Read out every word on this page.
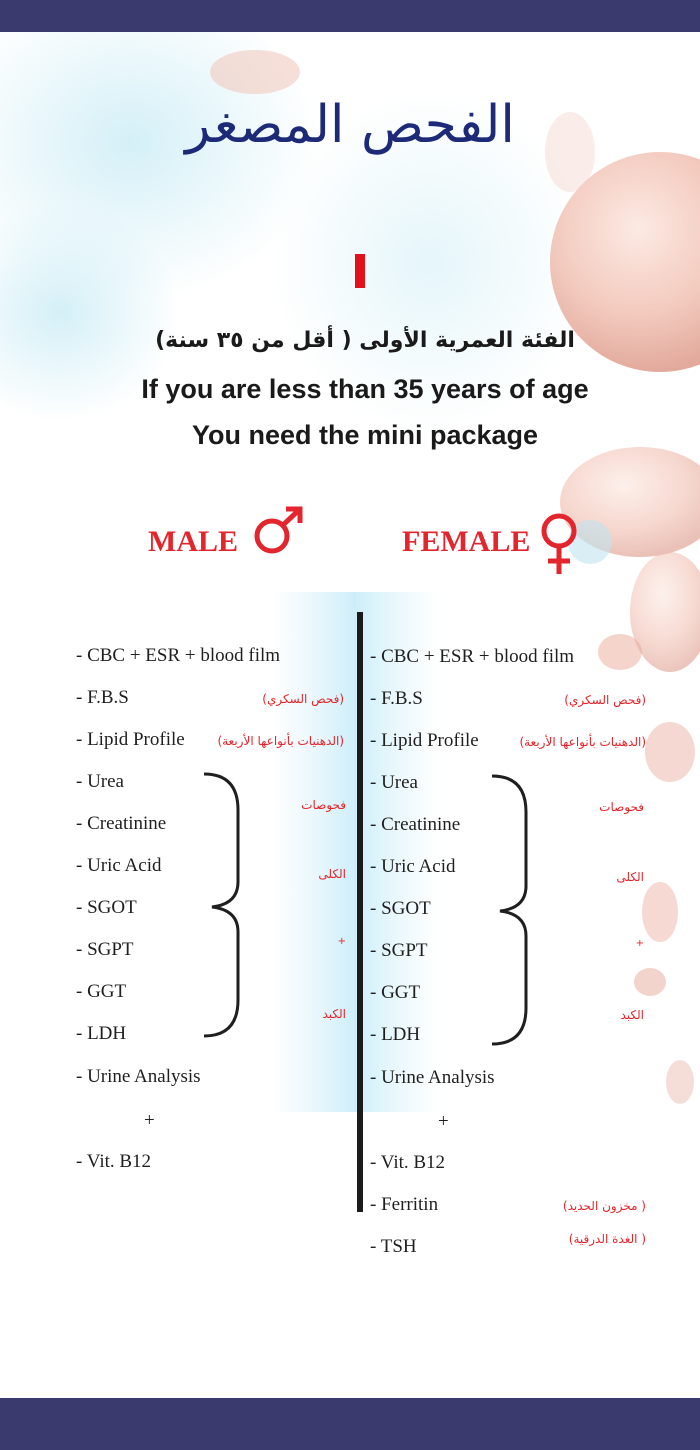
الفحص المصغر
الفئة العمرية الأولى ( أقل من ٣٥ سنة)
If you are less than 35 years of age
You need the mini package
MALE	FEMALE
- CBC + ESR + blood film
- F.B.S
- Lipid Profile
- Urea
- Creatinine
- Uric Acid
- SGOT
- SGPT
- GGT
- LDH
- Urine Analysis
+
- Vit. B12
(فحص السكري)
(الدهنيات بأنواعها الأربعة)
فحوصات
الكلى
+
الكبد
- CBC + ESR + blood film
- F.B.S
- Lipid Profile
- Urea
- Creatinine
- Uric Acid
- SGOT
- SGPT
- GGT
- LDH
- Urine Analysis
+
- Vit. B12
- Ferritin
- TSH
(فحص السكري)
(الدهنيات بأنواعها الأربعة)
فحوصات
الكلى
+
الكبد
( مخزون الحديد)
( الغدة الدرقية)
